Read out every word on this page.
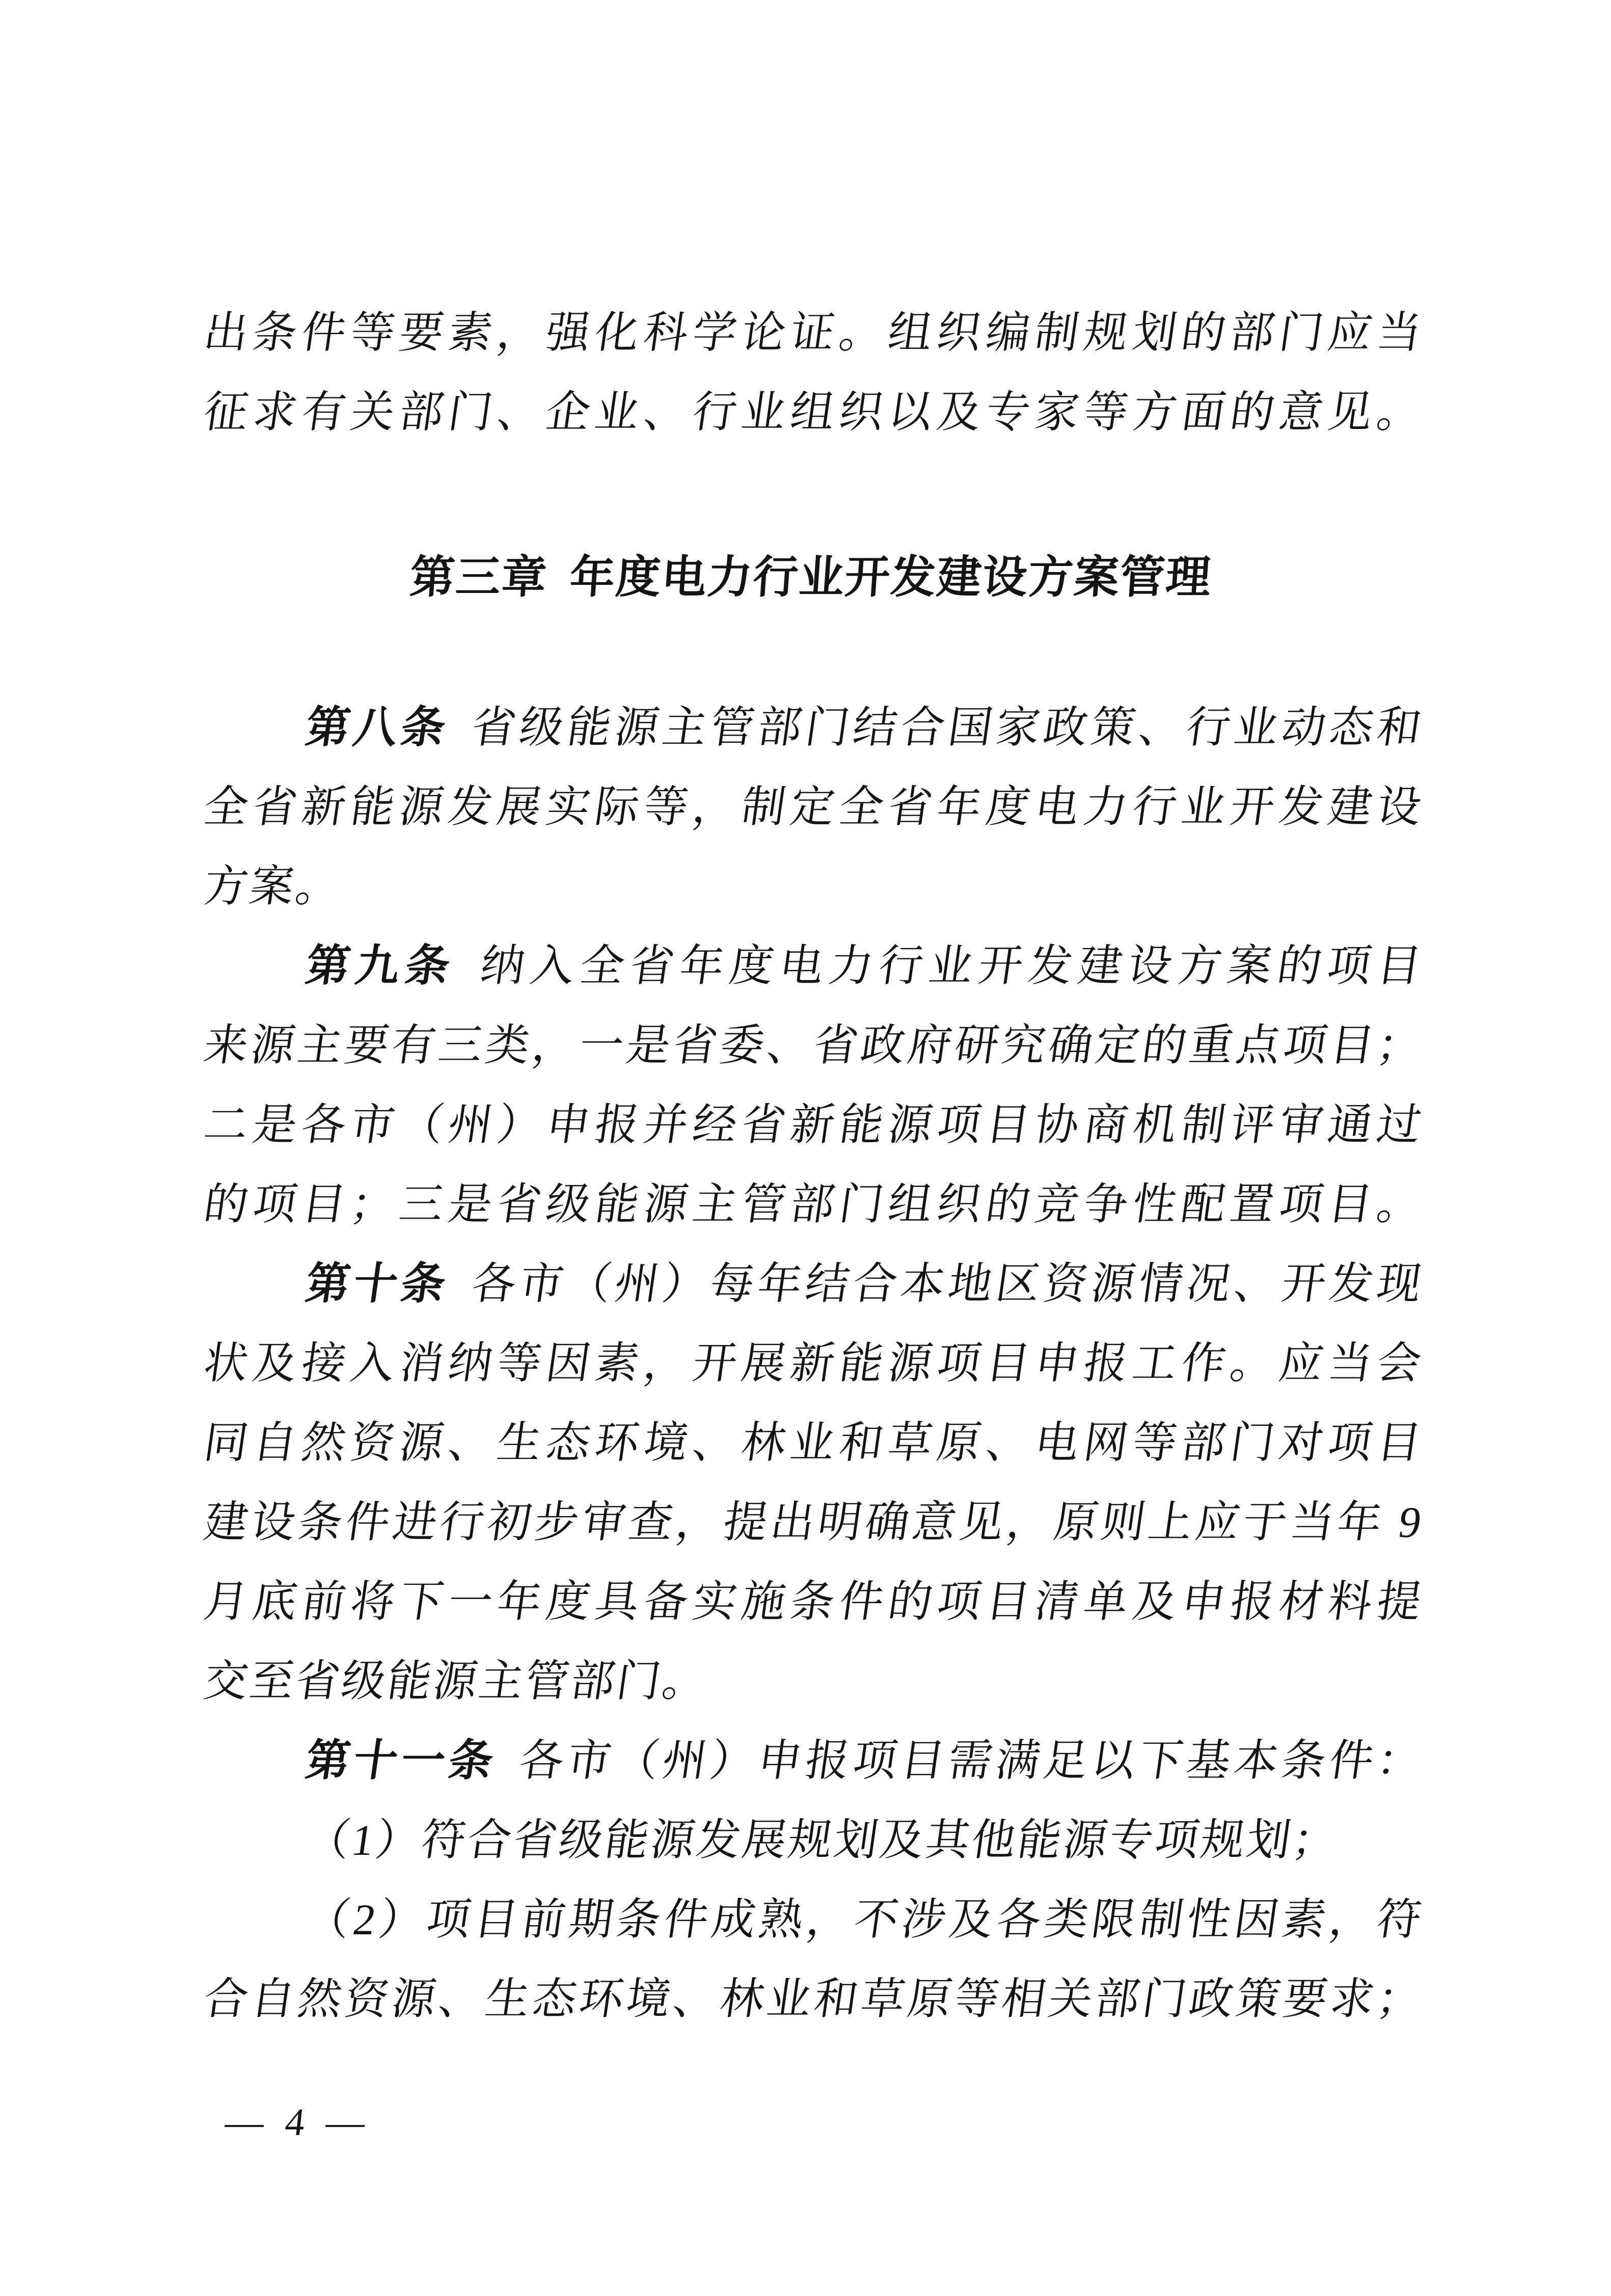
出条件等要素，强化科学论证。组织编制规划的部门应当
征求有关部门、企业、行业组织以及专家等方面的意见。
第三章 年度电力行业开发建设方案管理
第八条 省级能源主管部门结合国家政策、行业动态和
全省新能源发展实际等，制定全省年度电力行业开发建设
方案。
第九条 纳入全省年度电力行业开发建设方案的项目
来源主要有三类，一是省委、省政府研究确定的重点项目；
二是各市（州）申报并经省新能源项目协商机制评审通过
的项目；三是省级能源主管部门组织的竞争性配置项目。
第十条 各市（州）每年结合本地区资源情况、开发现
状及接入消纳等因素，开展新能源项目申报工作。应当会
同自然资源、生态环境、林业和草原、电网等部门对项目
建设条件进行初步审查，提出明确意见，原则上应于当年 9
月底前将下一年度具备实施条件的项目清单及申报材料提
交至省级能源主管部门。
第十一条 各市（州）申报项目需满足以下基本条件：
（1）符合省级能源发展规划及其他能源专项规划；
（2）项目前期条件成熟，不涉及各类限制性因素，符
合自然资源、生态环境、林业和草原等相关部门政策要求；
— 4 —
